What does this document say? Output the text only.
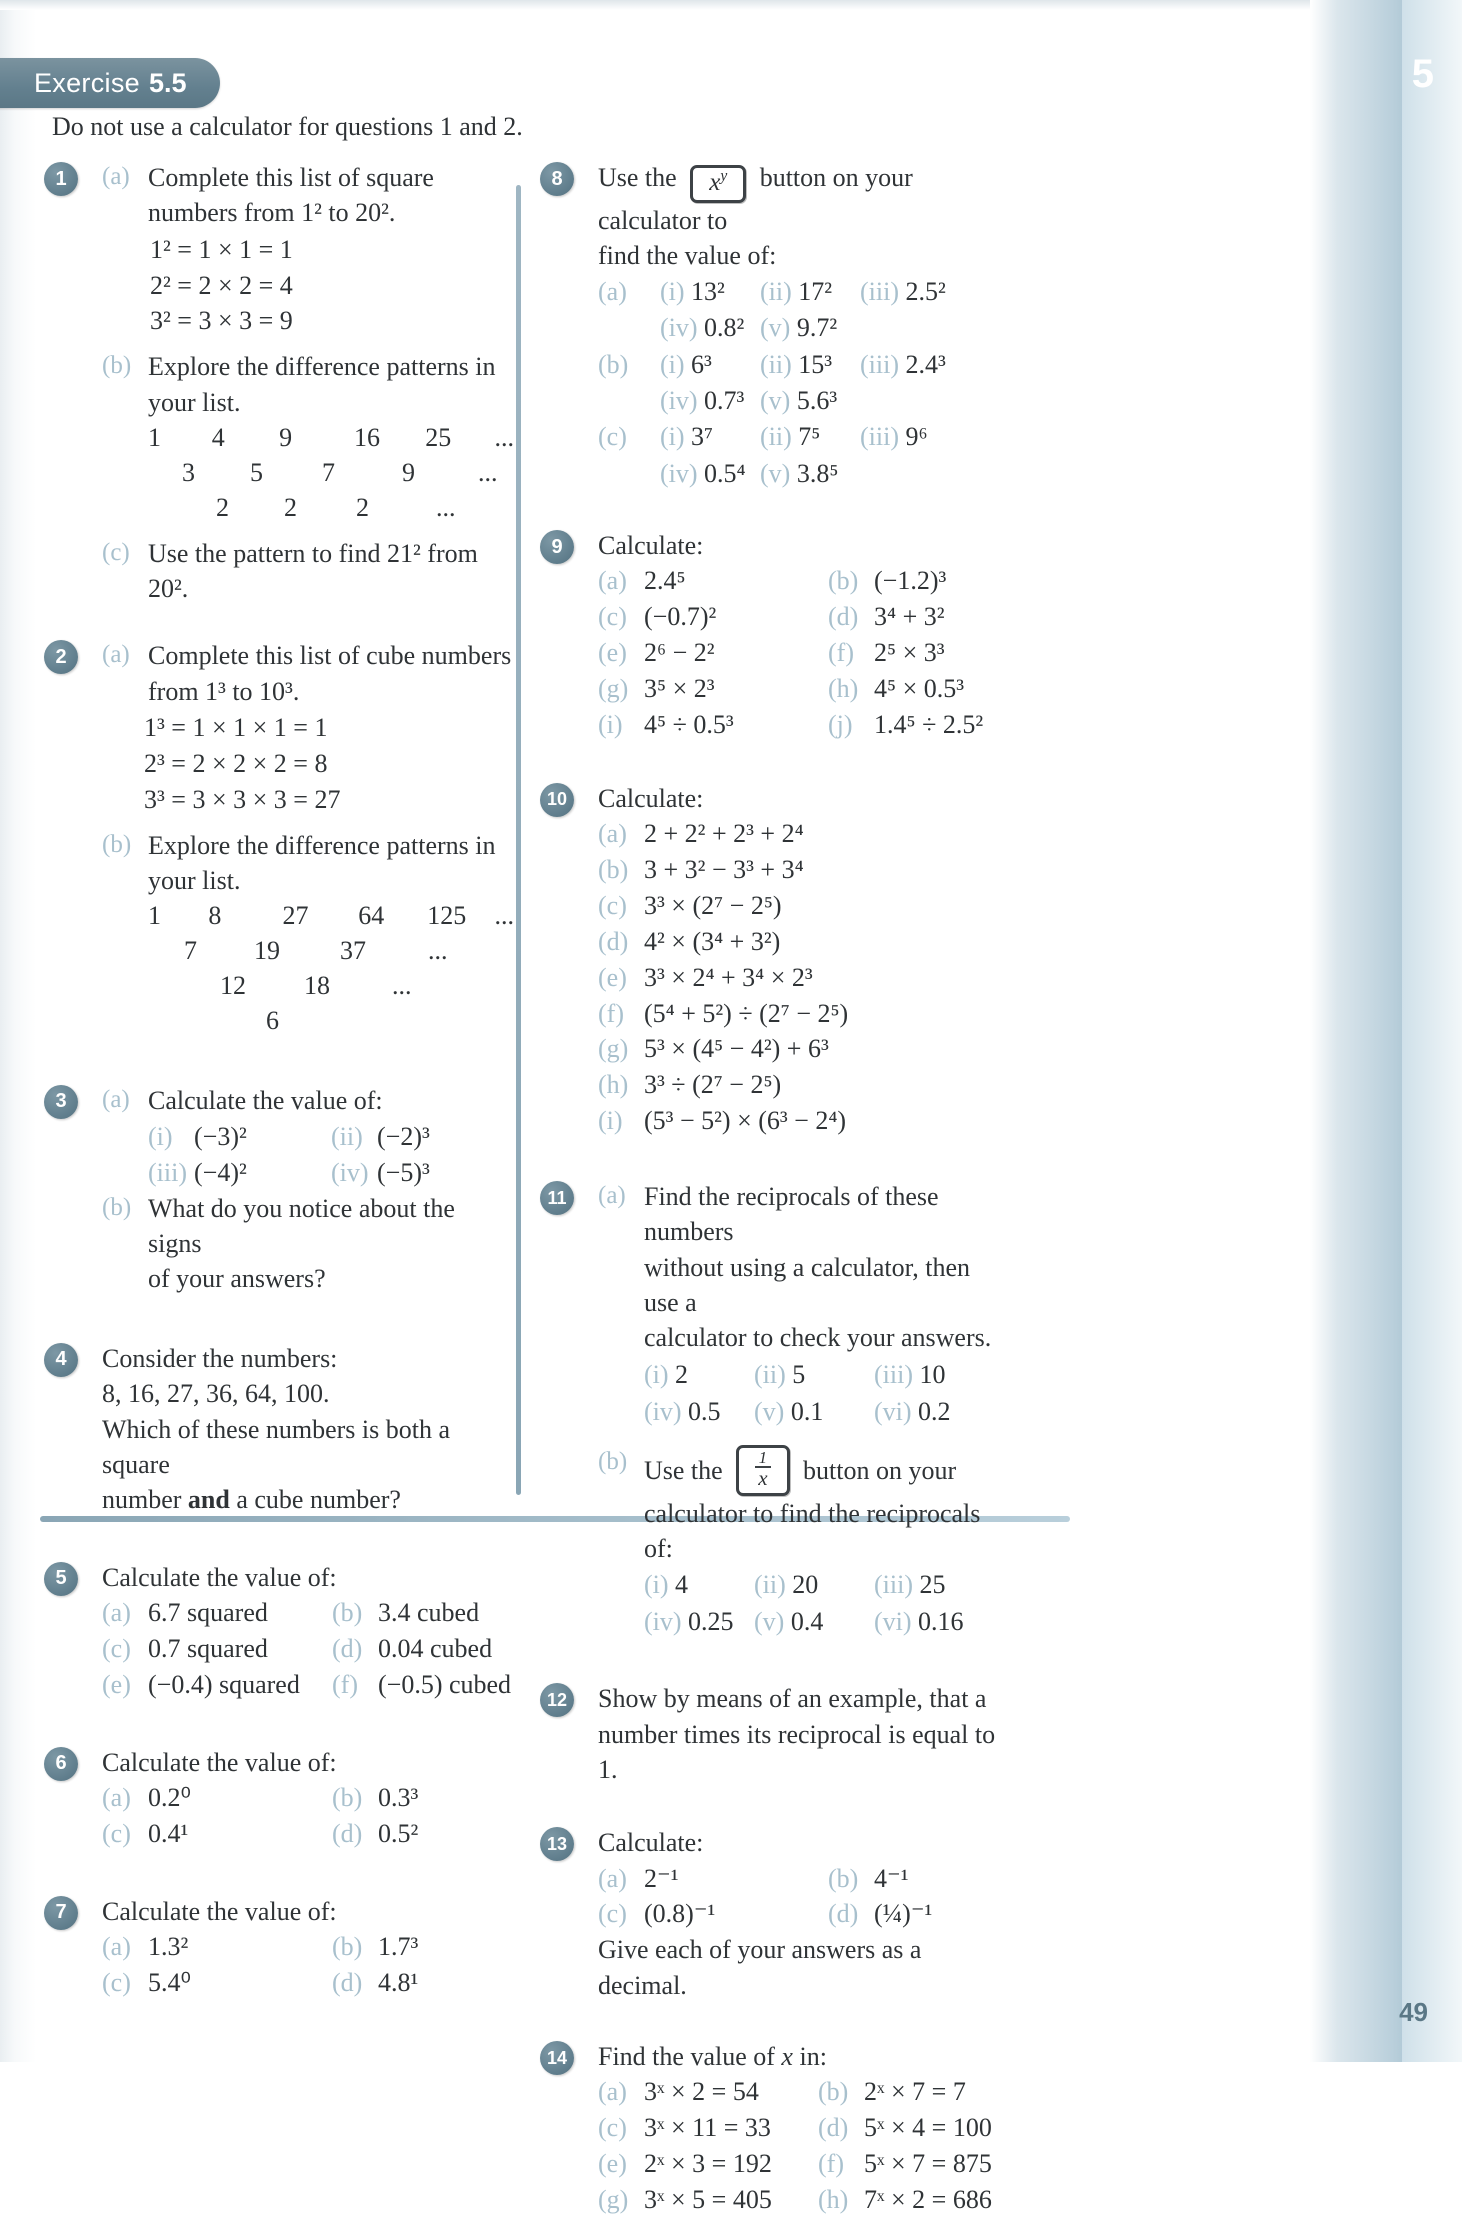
5
Exercise 5.5
Do not use a calculator for questions 1 and 2.
49
1	(a) Complete this list of square
numbers from 1² to 20².
1² = 1 × 1 = 1
2² = 2 × 2 = 4
3² = 3 × 3 = 9
(b) Explore the difference patterns in
your list.
1	4	9	16	25	...
3	5	7	9	...
2	2	2	...
(c) Use the pattern to find 21² from 20².
2	(a) Complete this list of cube numbers
from 1³ to 10³.
1³ = 1 × 1 × 1 = 1
2³ = 2 × 2 × 2 = 8
3³ = 3 × 3 × 3 = 27
(b) Explore the difference patterns in
your list.
1	8	27	64	125	...
7	19	37	...
12	18	...
6
3	(a) Calculate the value of:
(i) (−3)²	(ii) (−2)³
(iii) (−4)²	(iv) (−5)³
(b) What do you notice about the signs
of your answers?
4	Consider the numbers:
8, 16, 27, 36, 64, 100.
Which of these numbers is both a square
number and a cube number?
5	Calculate the value of:
(a) 6.7 squared	(b) 3.4 cubed
(c) 0.7 squared	(d) 0.04 cubed
(e) (−0.4) squared	(f) (−0.5) cubed
6	Calculate the value of:
(a) 0.2⁰	(b) 0.3³
(c) 0.4¹	(d) 0.5²
7	Calculate the value of:
(a) 1.3²	(b) 1.7³
(c) 5.4⁰	(d) 4.8¹
8	Use the $x^y$ button on your calculator to
find the value of:
(a)	(i) 13²	(ii) 17²	(iii) 2.5²
(iv) 0.8² (v) 9.7²
(b)	(i) 6³	(ii) 15³	(iii) 2.4³
(iv) 0.7³ (v) 5.6³
(c)	(i) 3⁷	(ii) 7⁵	(iii) 9⁶
(iv) 0.5⁴ (v) 3.8⁵
9	Calculate:
(a) 2.4⁵	(b) (−1.2)³
(c) (−0.7)²	(d) 3⁴ + 3²
(e) 2⁶ − 2²	(f) 2⁵ × 3³
(g) 3⁵ × 2³	(h) 4⁵ × 0.5³
(i) 4⁵ ÷ 0.5³	(j) 1.4⁵ ÷ 2.5²
10 Calculate:
(a) 2 + 2² + 2³ + 2⁴
(b) 3 + 3² − 3³ + 3⁴
(c) 3³ × (2⁷ − 2⁵)
(d) 4² × (3⁴ + 3²)
(e) 3³ × 2⁴ + 3⁴ × 2³
(f) (5⁴ + 5²) ÷ (2⁷ − 2⁵)
(g) 5³ × (4⁵ − 4²) + 6³
(h) 3³ ÷ (2⁷ − 2⁵)
(i) (5³ − 5²) × (6³ − 2⁴)
11 (a) Find the reciprocals of these numbers
without using a calculator, then use a
calculator to check your answers.
(i) 2	(ii) 5	(iii) 10
(iv) 0.5	(v) 0.1	(vi) 0.2
(b) Use the $\frac{1}{x}$ button on your
calculator to find the reciprocals of:
(i) 4	(ii) 20	(iii) 25
(iv) 0.25 (v) 0.4	(vi) 0.16
12 Show by means of an example, that a
number times its reciprocal is equal to 1.
13 Calculate:
(a) 2⁻¹	(b) 4⁻¹
(c) (0.8)⁻¹	(d) (¼)⁻¹
Give each of your answers as a decimal.
14 Find the value of x in:
(a) 3ˣ × 2 = 54	(b) 2ˣ × 7 = 7
(c) 3ˣ × 11 = 33	(d) 5ˣ × 4 = 100
(e) 2ˣ × 3 = 192	(f) 5ˣ × 7 = 875
(g) 3ˣ × 5 = 405	(h) 7ˣ × 2 = 686
